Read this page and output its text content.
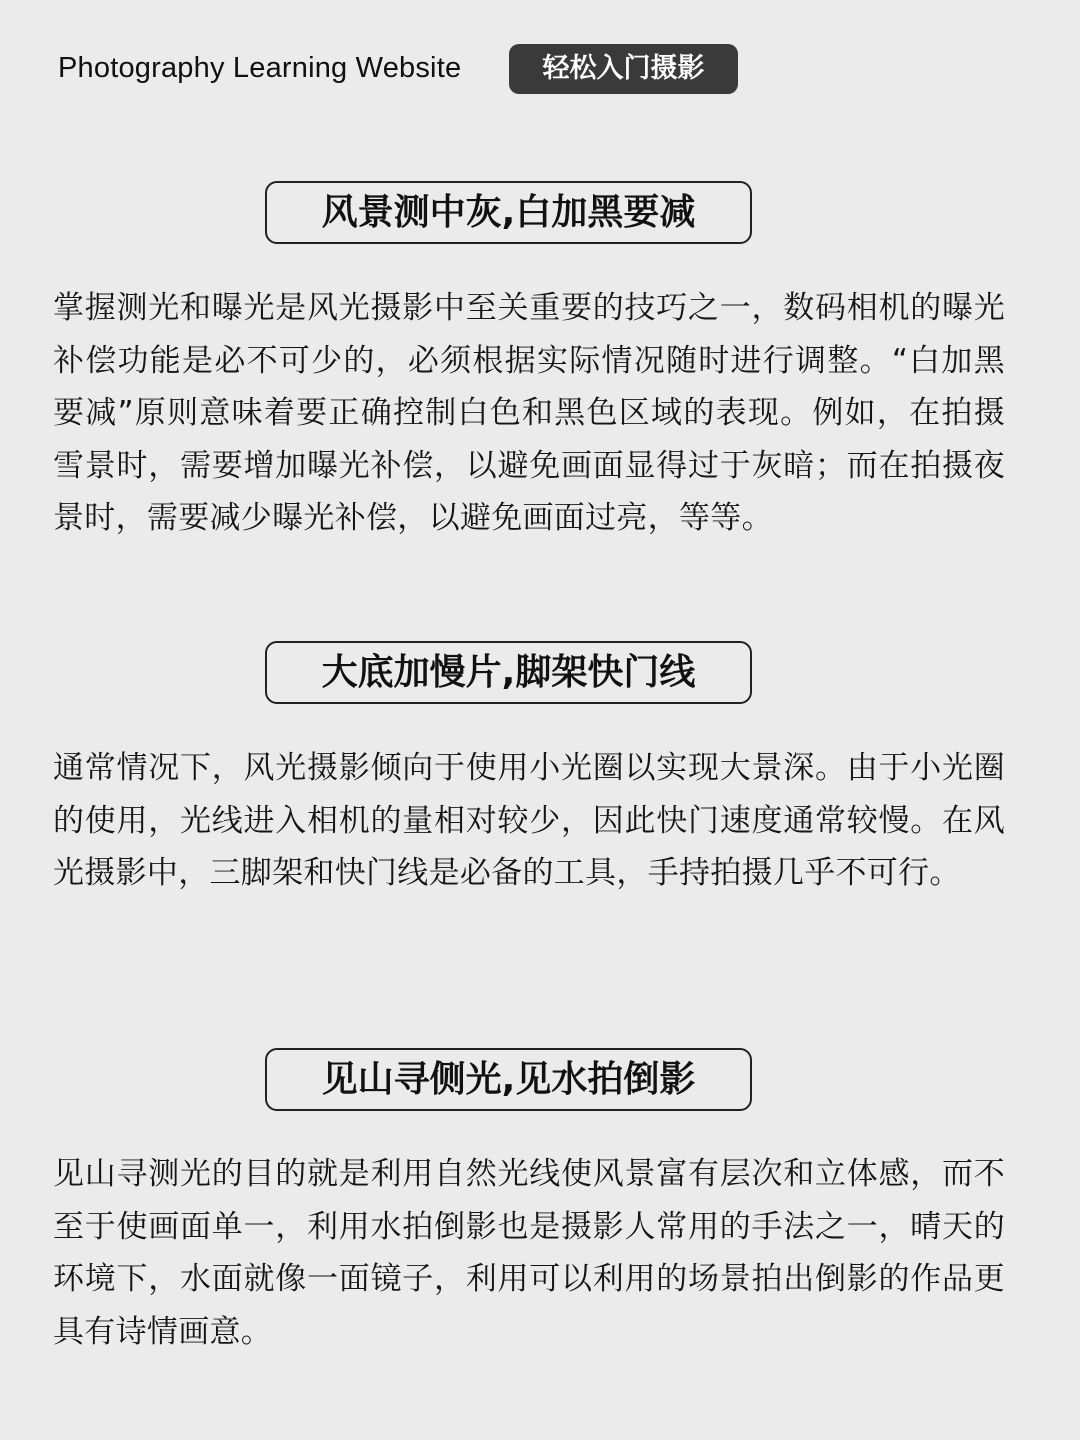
Photography Learning Website	轻松入门摄影
风景测中灰,白加黑要减

掌握测光和曝光是风光摄影中至关重要的技巧之一，数码相机的曝光补偿功能是必不可少的，必须根据实际情况随时进行调整。“白加黑要减”原则意味着要正确控制白色和黑色区域的表现。例如，在拍摄雪景时，需要增加曝光补偿，以避免画面显得过于灰暗；而在拍摄夜景时，需要减少曝光补偿，以避免画面过亮，等等。

大底加慢片,脚架快门线

通常情况下，风光摄影倾向于使用小光圈以实现大景深。由于小光圈的使用，光线进入相机的量相对较少，因此快门速度通常较慢。在风光摄影中，三脚架和快门线是必备的工具，手持拍摄几乎不可行。

见山寻侧光,见水拍倒影

见山寻测光的目的就是利用自然光线使风景富有层次和立体感，而不至于使画面单一，利用水拍倒影也是摄影人常用的手法之一，晴天的环境下，水面就像一面镜子，利用可以利用的场景拍出倒影的作品更具有诗情画意。
